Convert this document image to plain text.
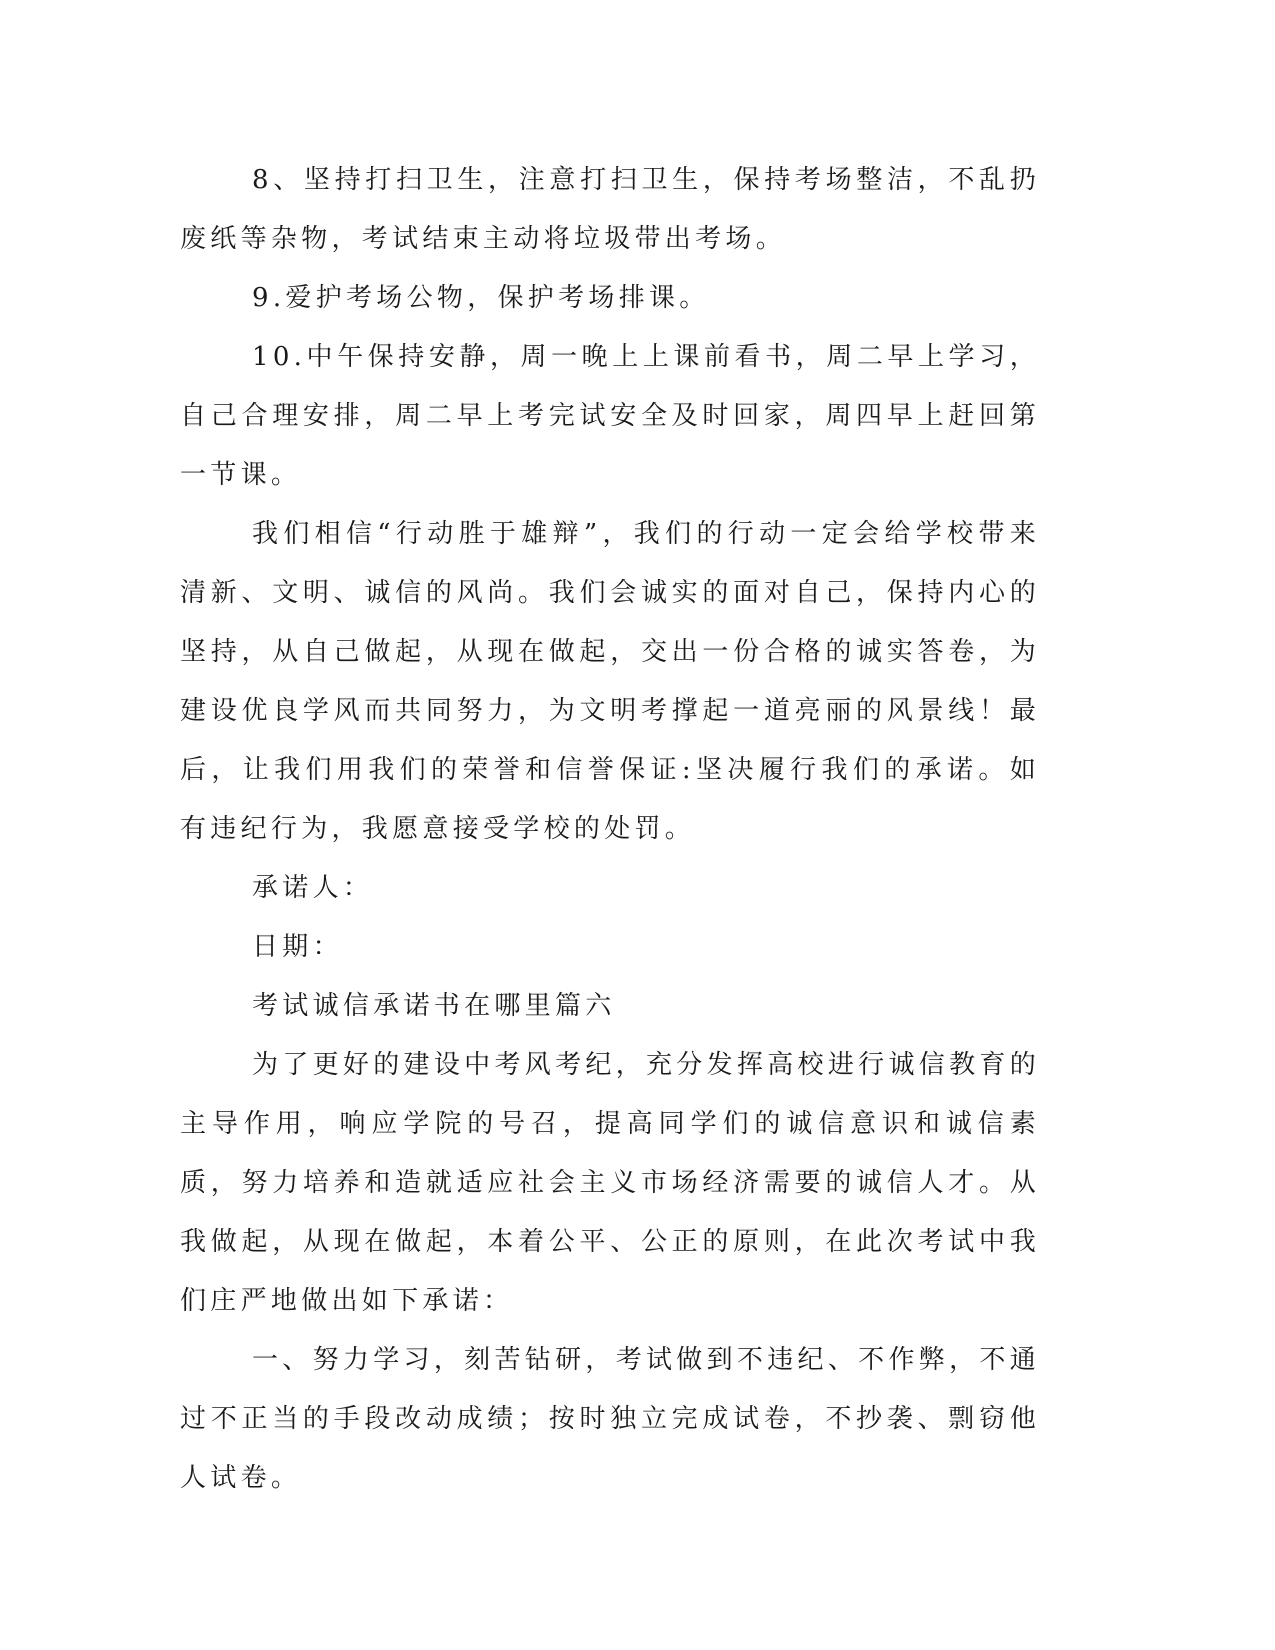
8、坚持打扫卫生，注意打扫卫生，保持考场整洁，不乱扔废纸等杂物，考试结束主动将垃圾带出考场。

9.爱护考场公物，保护考场排课。

10.中午保持安静，周一晚上上课前看书，周二早上学习，自己合理安排，周二早上考完试安全及时回家，周四早上赶回第一节课。

我们相信“行动胜于雄辩”，我们的行动一定会给学校带来清新、文明、诚信的风尚。我们会诚实的面对自己，保持内心的坚持，从自己做起，从现在做起，交出一份合格的诚实答卷，为建设优良学风而共同努力，为文明考撑起一道亮丽的风景线！最后，让我们用我们的荣誉和信誉保证:坚决履行我们的承诺。如有违纪行为，我愿意接受学校的处罚。

承诺人：

日期：

考试诚信承诺书在哪里篇六

为了更好的建设中考风考纪，充分发挥高校进行诚信教育的主导作用，响应学院的号召，提高同学们的诚信意识和诚信素质，努力培养和造就适应社会主义市场经济需要的诚信人才。从我做起，从现在做起，本着公平、公正的原则，在此次考试中我们庄严地做出如下承诺：

一、努力学习，刻苦钻研，考试做到不违纪、不作弊，不通过不正当的手段改动成绩；按时独立完成试卷，不抄袭、剽窃他人试卷。
